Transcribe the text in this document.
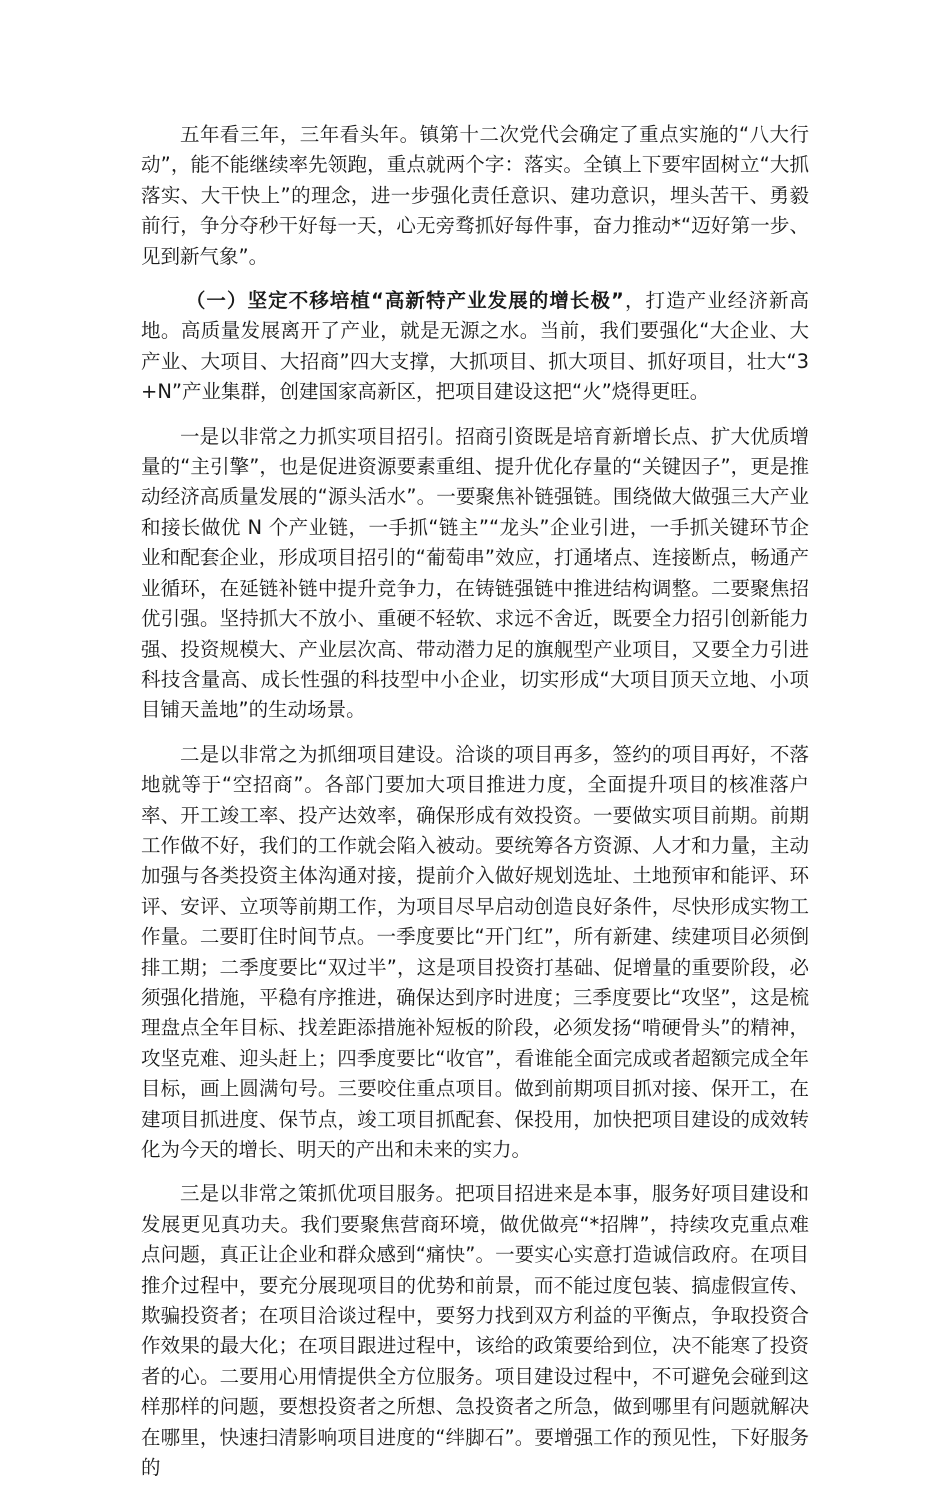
五年看三年，三年看头年。镇第十二次党代会确定了重点实施的“八大行动”，能不能继续率先领跑，重点就两个字：落实。全镇上下要牢固树立“大抓落实、大干快上”的理念，进一步强化责任意识、建功意识，埋头苦干、勇毅前行，争分夺秒干好每一天，心无旁骛抓好每件事，奋力推动*“迈好第一步、见到新气象”。

（一）坚定不移培植“高新特产业发展的增长极”，打造产业经济新高地。高质量发展离开了产业，就是无源之水。当前，我们要强化“大企业、大产业、大项目、大招商”四大支撑，大抓项目、抓大项目、抓好项目，壮大“3+N”产业集群，创建国家高新区，把项目建设这把“火”烧得更旺。

一是以非常之力抓实项目招引。招商引资既是培育新增长点、扩大优质增量的“主引擎”，也是促进资源要素重组、提升优化存量的“关键因子”，更是推动经济高质量发展的“源头活水”。一要聚焦补链强链。围绕做大做强三大产业和接长做优 N 个产业链，一手抓“链主”“龙头”企业引进，一手抓关键环节企业和配套企业，形成项目招引的“葡萄串”效应，打通堵点、连接断点，畅通产业循环，在延链补链中提升竞争力，在铸链强链中推进结构调整。二要聚焦招优引强。坚持抓大不放小、重硬不轻软、求远不舍近，既要全力招引创新能力强、投资规模大、产业层次高、带动潜力足的旗舰型产业项目，又要全力引进科技含量高、成长性强的科技型中小企业，切实形成“大项目顶天立地、小项目铺天盖地”的生动场景。

二是以非常之为抓细项目建设。洽谈的项目再多，签约的项目再好，不落地就等于“空招商”。各部门要加大项目推进力度，全面提升项目的核准落户率、开工竣工率、投产达效率，确保形成有效投资。一要做实项目前期。前期工作做不好，我们的工作就会陷入被动。要统筹各方资源、人才和力量，主动加强与各类投资主体沟通对接，提前介入做好规划选址、土地预审和能评、环评、安评、立项等前期工作，为项目尽早启动创造良好条件，尽快形成实物工作量。二要盯住时间节点。一季度要比“开门红”，所有新建、续建项目必须倒排工期；二季度要比“双过半”，这是项目投资打基础、促增量的重要阶段，必须强化措施，平稳有序推进，确保达到序时进度；三季度要比“攻坚”，这是梳理盘点全年目标、找差距添措施补短板的阶段，必须发扬“啃硬骨头”的精神，攻坚克难、迎头赶上；四季度要比“收官”，看谁能全面完成或者超额完成全年目标，画上圆满句号。三要咬住重点项目。做到前期项目抓对接、保开工，在建项目抓进度、保节点，竣工项目抓配套、保投用，加快把项目建设的成效转化为今天的增长、明天的产出和未来的实力。

三是以非常之策抓优项目服务。把项目招进来是本事，服务好项目建设和发展更见真功夫。我们要聚焦营商环境，做优做亮“*招牌”，持续攻克重点难点问题，真正让企业和群众感到“痛快”。一要实心实意打造诚信政府。在项目推介过程中，要充分展现项目的优势和前景，而不能过度包装、搞虚假宣传、欺骗投资者；在项目洽谈过程中，要努力找到双方利益的平衡点，争取投资合作效果的最大化；在项目跟进过程中，该给的政策要给到位，决不能寒了投资者的心。二要用心用情提供全方位服务。项目建设过程中，不可避免会碰到这样那样的问题，要想投资者之所想、急投资者之所急，做到哪里有问题就解决在哪里，快速扫清影响项目进度的“绊脚石”。要增强工作的预见性，下好服务的
